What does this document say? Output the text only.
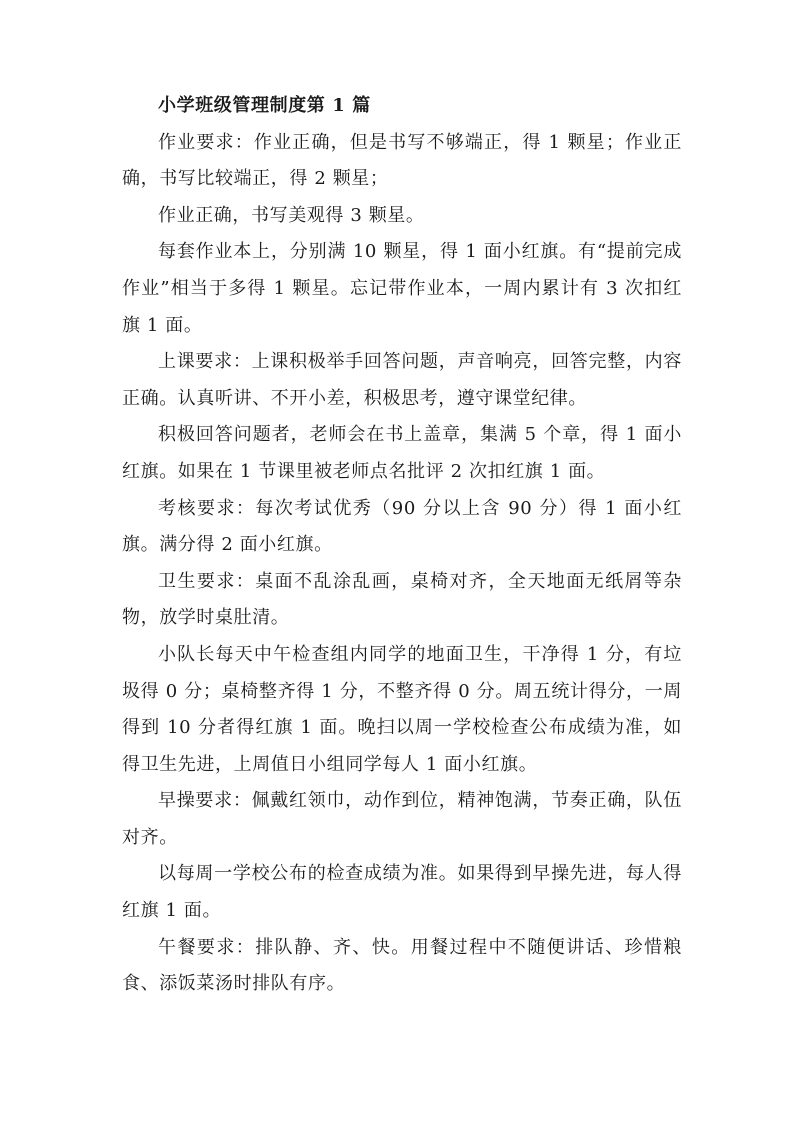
小学班级管理制度第 1 篇

作业要求：作业正确，但是书写不够端正，得 1 颗星；作业正确，书写比较端正，得 2 颗星；

作业正确，书写美观得 3 颗星。

每套作业本上，分别满 10 颗星，得 1 面小红旗。有“提前完成作业”相当于多得 1 颗星。忘记带作业本，一周内累计有 3 次扣红旗 1 面。

上课要求：上课积极举手回答问题，声音响亮，回答完整，内容正确。认真听讲、不开小差，积极思考，遵守课堂纪律。

积极回答问题者，老师会在书上盖章，集满 5 个章，得 1 面小红旗。如果在 1 节课里被老师点名批评 2 次扣红旗 1 面。

考核要求：每次考试优秀（90 分以上含 90 分）得 1 面小红旗。满分得 2 面小红旗。

卫生要求：桌面不乱涂乱画，桌椅对齐，全天地面无纸屑等杂物，放学时桌肚清。

小队长每天中午检查组内同学的地面卫生，干净得 1 分，有垃圾得 0 分；桌椅整齐得 1 分，不整齐得 0 分。周五统计得分，一周得到 10 分者得红旗 1 面。晚扫以周一学校检查公布成绩为准，如得卫生先进，上周值日小组同学每人 1 面小红旗。

早操要求：佩戴红领巾，动作到位，精神饱满，节奏正确，队伍对齐。

以每周一学校公布的检查成绩为准。如果得到早操先进，每人得红旗 1 面。

午餐要求：排队静、齐、快。用餐过程中不随便讲话、珍惜粮食、添饭菜汤时排队有序。
